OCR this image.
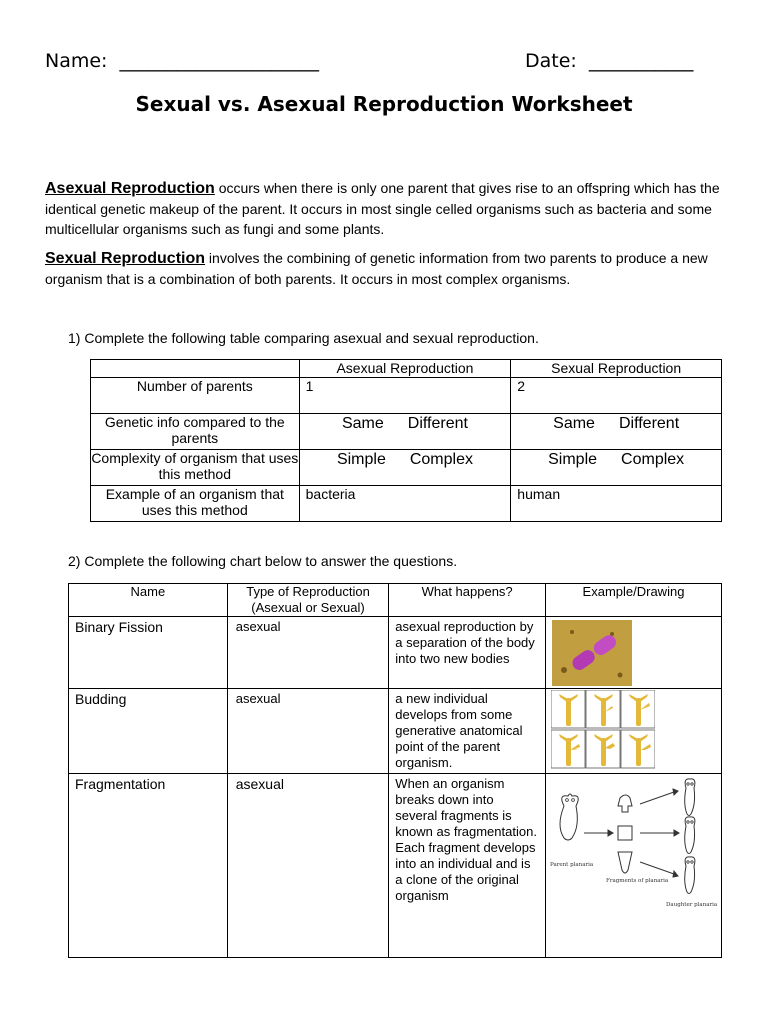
Name:  _____________________	Date:  ___________
Sexual vs. Asexual Reproduction Worksheet
Asexual Reproduction occurs when there is only one parent that gives rise to an offspring which has the identical genetic makeup of the parent. It occurs in most single celled organisms such as bacteria and some multicellular organisms such as fungi and some plants.
Sexual Reproduction involves the combining of genetic information from two parents to produce a new organism that is a combination of both parents. It occurs in most complex organisms.
1) Complete the following table comparing asexual and sexual reproduction.
	Asexual Reproduction	Sexual Reproduction
Number of parents	1	2
Genetic info compared to the parents	Same Different	Same Different
Complexity of organism that uses this method	Simple Complex	Simple Complex
Example of an organism that uses this method	bacteria	human
2) Complete the following chart below to answer the questions.
Name	Type of Reproduction (Asexual or Sexual)	What happens?	Example/Drawing
Binary Fission	asexual	asexual reproduction by a separation of the body into two new bodies	

Budding	asexual	a new individual develops from some generative anatomical point of the parent organism.	

Fragmentation	asexual	When an organism breaks down into several fragments is known as fragmentation. Each fragment develops into an individual and is a clone of the original organism	Parent planaria
Fragments of planaria
Daughter planaria
